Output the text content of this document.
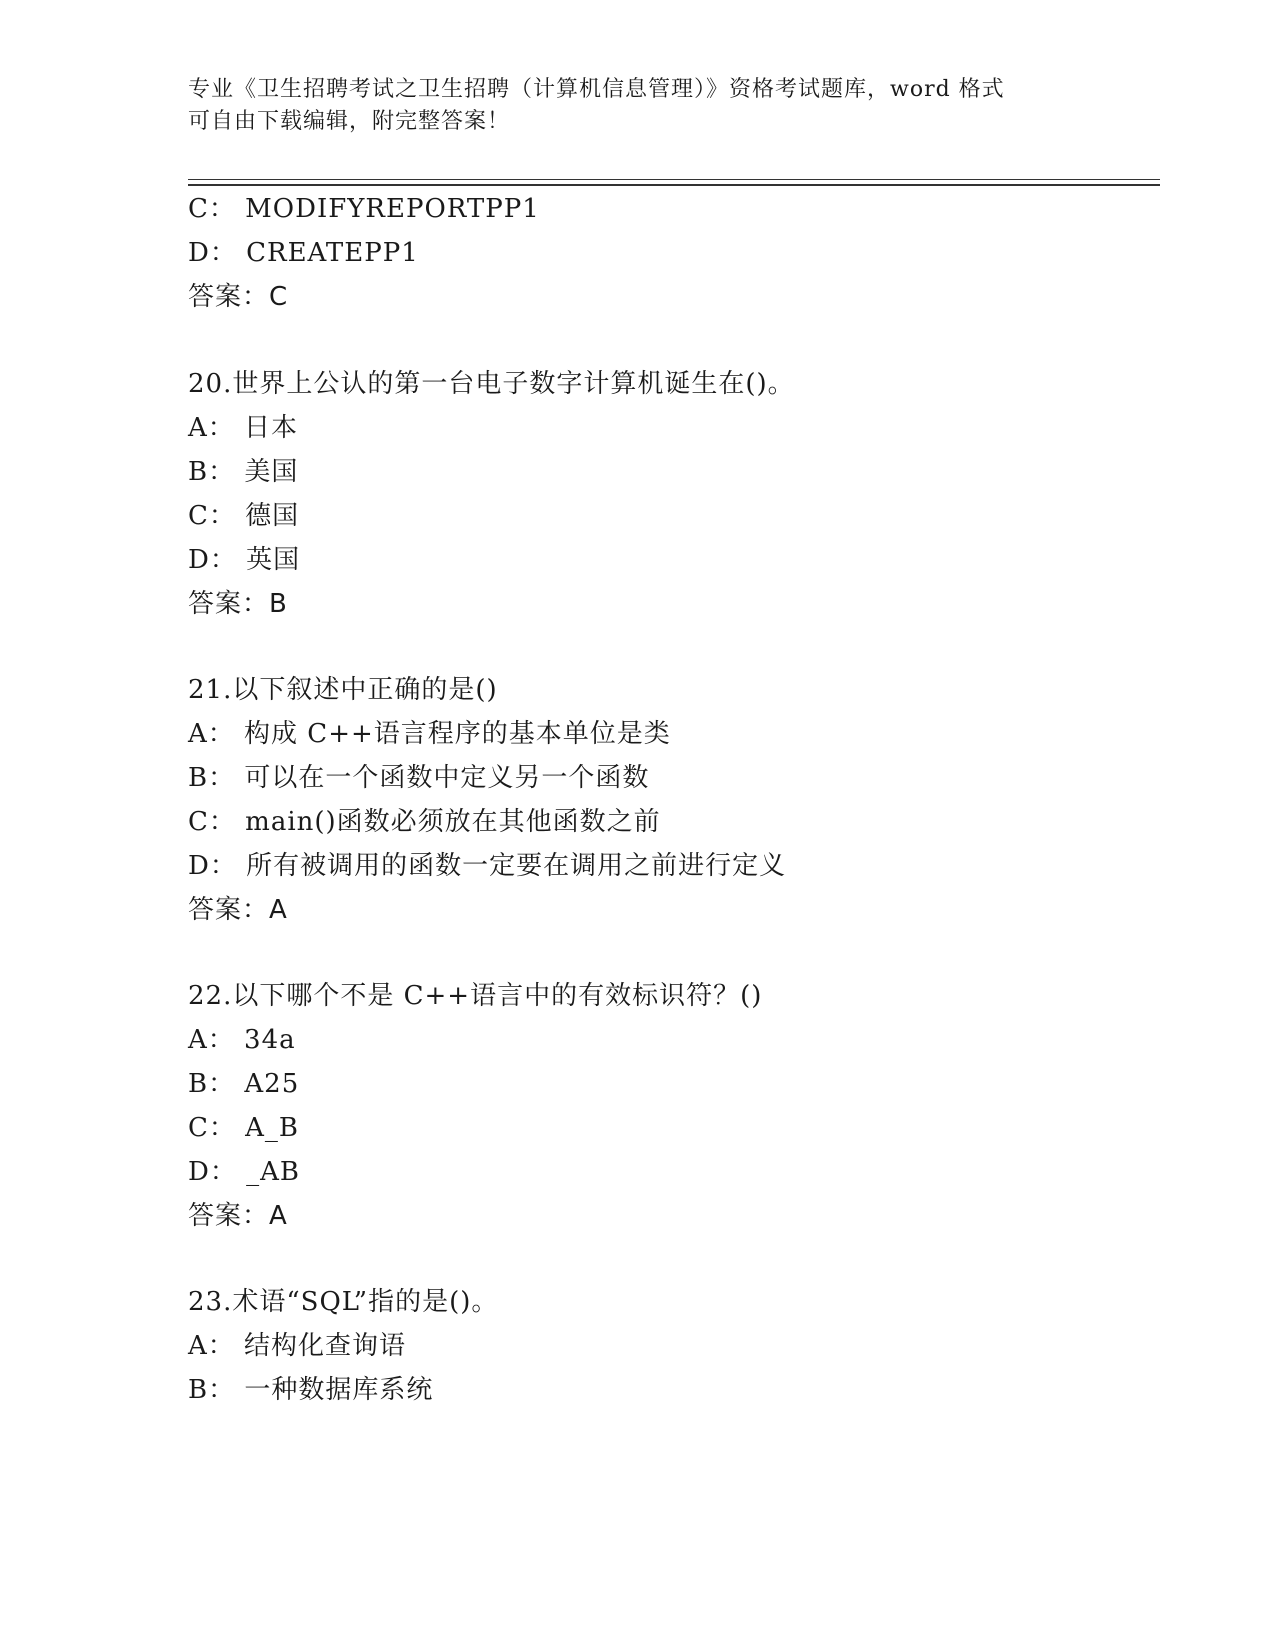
专业《卫生招聘考试之卫生招聘（计算机信息管理）》资格考试题库，word 格式
可自由下载编辑，附完整答案！
C： MODIFYREPORTPP1
D： CREATEPP1
答案：C
20.世界上公认的第一台电子数字计算机诞生在()。
A： 日本
B： 美国
C： 德国
D： 英国
答案：B
21.以下叙述中正确的是()
A： 构成 C++语言程序的基本单位是类
B： 可以在一个函数中定义另一个函数
C： main()函数必须放在其他函数之前
D： 所有被调用的函数一定要在调用之前进行定义
答案：A
22.以下哪个不是 C++语言中的有效标识符？()
A： 34a
B： A25
C： A_B
D： _AB
答案：A
23.术语“SQL”指的是()。
A： 结构化查询语
B： 一种数据库系统
